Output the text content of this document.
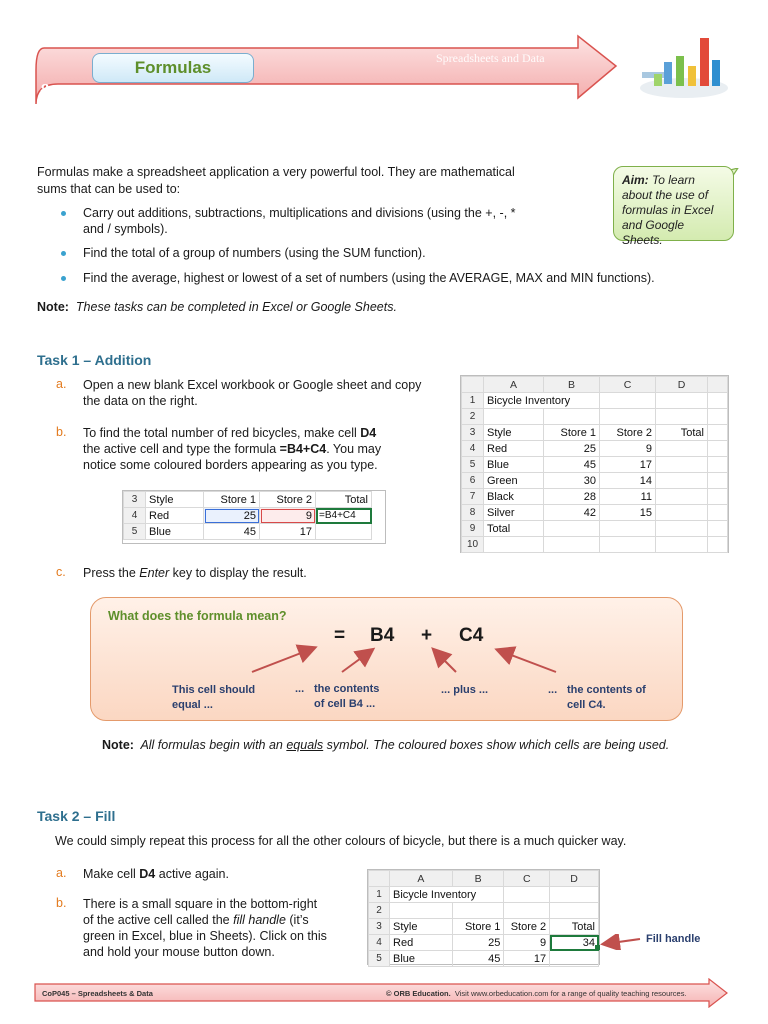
Formulas	Spreadsheets and Data
8
Formulas make a spreadsheet application a very powerful tool. They are mathematical
sums that can be used to:
Carry out additions, subtractions, multiplications and divisions (using the +, -, *
and / symbols).
Find the total of a group of numbers (using the SUM function).
Find the average, highest or lowest of a set of numbers (using the AVERAGE, MAX and MIN functions).
Note: These tasks can be completed in Excel or Google Sheets.
Aim: To learn about the use of formulas in Excel and Google Sheets.
Task 1 – Addition
a. Open a new blank Excel workbook or Google sheet and copy
the data on the right.
b. To find the total number of red bicycles, make cell D4
the active cell and type the formula =B4+C4. You may
notice some coloured borders appearing as you type.
	A	B	C	D	
1	Bicycle Inventory				
2					
3	Style	Store 1	Store 2	Total	
4	Red	25	9		
5	Blue	45	17		
6	Green	30	14		
7	Black	28	11		
8	Silver	42	15		
9	Total				
10					
3	Style	Store 1	Store 2	Total
4	Red	25	9	=B4+C4
5	Blue	45	17	
c. Press the Enter key to display the result.
What does the formula mean?
= B4 + C4
This cell should
equal ...
... the contents
of cell B4 ...
... plus ...	... the contents of
cell C4.
Note: All formulas begin with an equals symbol. The coloured boxes show which cells are being used.
Task 2 – Fill
We could simply repeat this process for all the other colours of bicycle, but there is a much quicker way.
a. Make cell D4 active again.
b. There is a small square in the bottom-right
of the active cell called the fill handle (it’s
green in Excel, blue in Sheets). Click on this
and hold your mouse button down.
	A	B	C	D
1	Bicycle Inventory			
2				
3	Style	Store 1	Store 2	Total
4	Red	25	9	34
5	Blue	45	17	
Fill handle
CoP045 – Spreadsheets & Data	© ORB Education. Visit www.orbeducation.com for a range of quality teaching resources.
